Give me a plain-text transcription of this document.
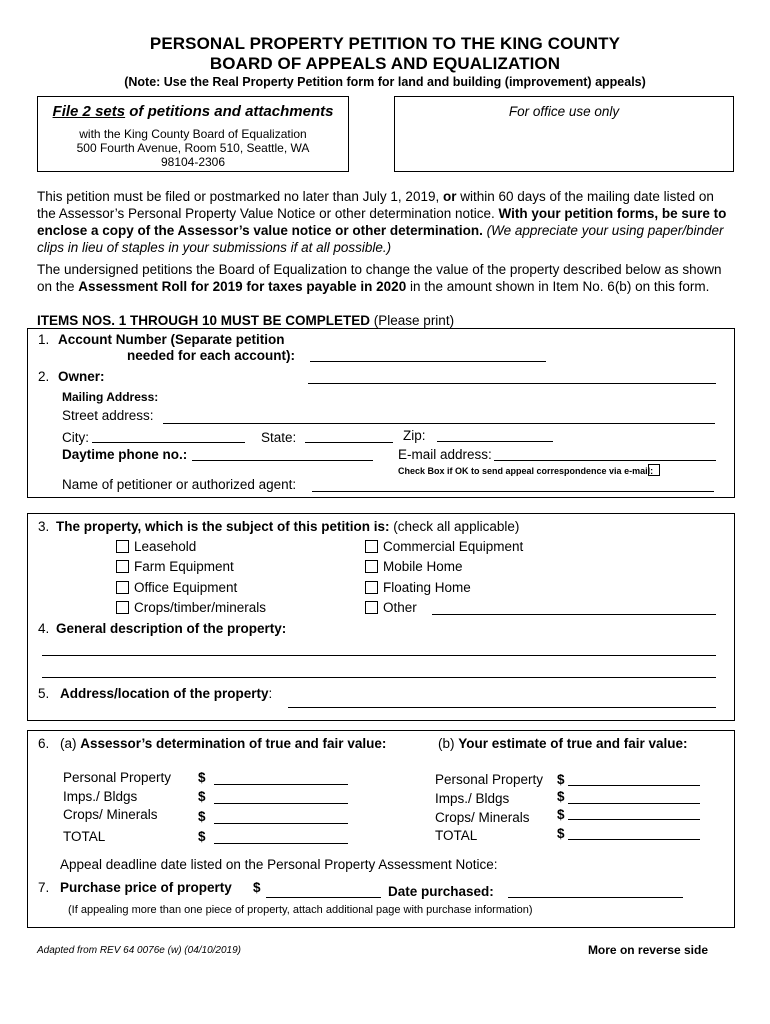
PERSONAL PROPERTY PETITION TO THE KING COUNTY
BOARD OF APPEALS AND EQUALIZATION
(Note: Use the Real Property Petition form for land and building (improvement) appeals)
File 2 sets of petitions and attachments
with the King County Board of Equalization
500 Fourth Avenue, Room 510, Seattle, WA
98104-2306
For office use only
This petition must be filed or postmarked no later than July 1, 2019, or within 60 days of the mailing date listed on the Assessor’s Personal Property Value Notice or other determination notice. With your petition forms, be sure to enclose a copy of the Assessor’s value notice or other determination. (We appreciate your using paper/binder clips in lieu of staples in your submissions if at all possible.)
The undersigned petitions the Board of Equalization to change the value of the property described below as shown on the Assessment Roll for 2019 for taxes payable in 2020 in the amount shown in Item No. 6(b) on this form.
ITEMS NOS. 1 THROUGH 10 MUST BE COMPLETED (Please print)
1. Account Number (Separate petition
needed for each account):
2. Owner:
Mailing Address:
Street address:
City:	State:	Zip:
Daytime phone no.:	E-mail address:
Check Box if OK to send appeal correspondence via e-mail:
Name of petitioner or authorized agent:
3. The property, which is the subject of this petition is: (check all applicable)
Leasehold
Farm Equipment
Office Equipment
Crops/timber/minerals
Commercial Equipment
Mobile Home
Floating Home
Other
4. General description of the property:
5. Address/location of the property:
6. (a) Assessor’s determination of true and fair value:	(b) Your estimate of true and fair value:
Personal Property $
Imps./ Bldgs	$
Crops/ Minerals	$
TOTAL	$
Personal Property $
Imps./ Bldgs	$
Crops/ Minerals $
TOTAL	$
Appeal deadline date listed on the Personal Property Assessment Notice:
7. Purchase price of property $	Date purchased:
(If appealing more than one piece of property, attach additional page with purchase information)
Adapted from REV 64 0076e (w) (04/10/2019)	More on reverse side
